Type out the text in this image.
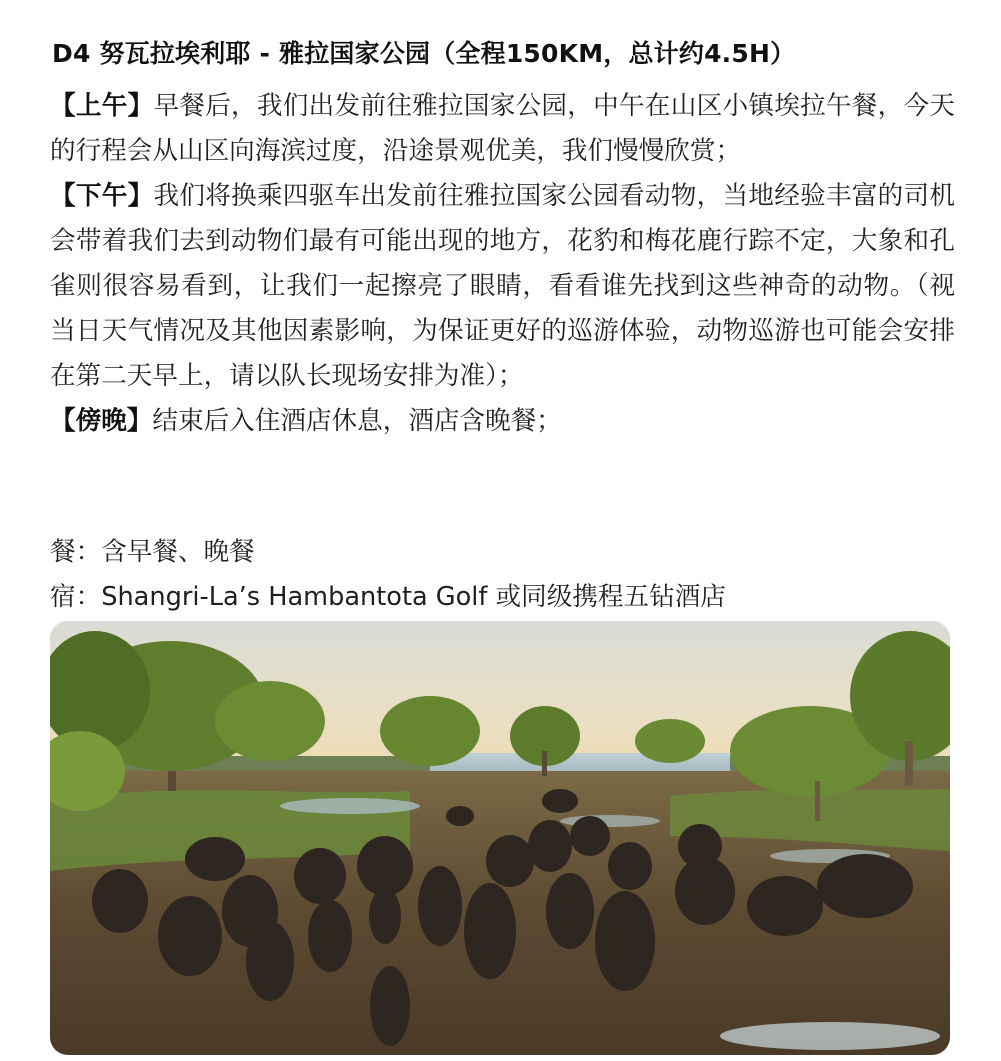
D4 努瓦拉埃利耶 - 雅拉国家公园（全程150KM，总计约4.5H）

【上午】早餐后，我们出发前往雅拉国家公园，中午在山区小镇埃拉午餐，今天的行程会从山区向海滨过度，沿途景观优美，我们慢慢欣赏；

【下午】我们将换乘四驱车出发前往雅拉国家公园看动物，当地经验丰富的司机会带着我们去到动物们最有可能出现的地方，花豹和梅花鹿行踪不定，大象和孔雀则很容易看到，让我们一起擦亮了眼睛，看看谁先找到这些神奇的动物。（视当日天气情况及其他因素影响，为保证更好的巡游体验，动物巡游也可能会安排在第二天早上，请以队长现场安排为准）；

【傍晚】结束后入住酒店休息，酒店含晚餐；

餐：含早餐、晚餐

宿：Shangri-La’s Hambantota Golf 或同级携程五钻酒店
